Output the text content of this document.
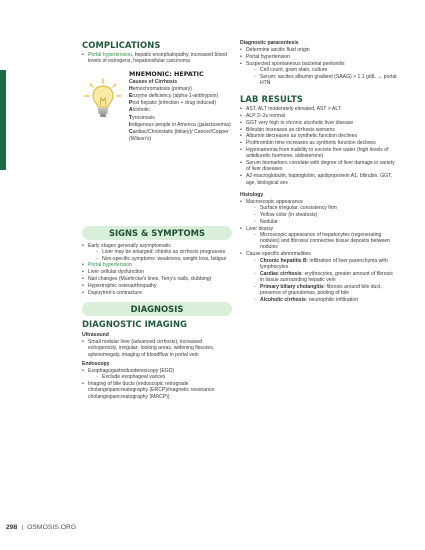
COMPLICATIONS
• Portal hypertension, hepatic encephalopathy, increased blood levels of estrogens, hepatocellular carcinoma
MNEMONIC: HEPATIC
Causes of Cirrhosis
Hemochromatosis (primary)
Enzyme deficiency (alpha-1-antitrypsin)
Post hepatic (infection + drug induced)
Alcoholic
Tyrosinosis
Indigenous people in America (galactosemia)
Cardiac/Cholestatic (biliary)/ Cancer/Copper (Wilson's)
SIGNS & SYMPTOMS
• Early stages generally asymptomatic
◦ Liver may be enlarged; shrinks as cirrhosis progresses
◦ Non-specific symptoms: weakness, weight loss, fatigue
• Portal hypertension
• Liver cellular dysfunction
• Nail changes (Muehrcke's lines, Terry's nails, clubbing)
• Hypertrophic osteoarthropathy
• Dupuytren's contracture
DIAGNOSIS
DIAGNOSTIC IMAGING
Ultrasound
• Small nodular liver (advanced cirrhosis), increased echogenicity, irregular- looking areas, widening fissures, splenomegaly, imaging of bloodflow in portal vein
Endoscopy
• Esophagogastroduodenoscopy (EGD)
◦ Exclude esophageal varices
• Imaging of bile ducts (endoscopic retrograde cholangiopancreatography (ERCP)/magnetic resonance cholangiopancreatography (MRCP))
Diagnostic paracentesis
• Determine ascitic fluid origin
• Portal hypertension
• Suspected spontaneous bacterial peritonitis
◦ Cell count, gram stain, culture
◦ Serum: ascites albumin gradient (SAAG) > 1.1 g/dL → portal HTN
LAB RESULTS
• AST, ALT moderately elevated, AST > ALT
• ALP 2–3x normal
• GGT very high in chronic alcoholic liver disease
• Bilirubin increases as cirrhosis worsens
• Albumin decreases as synthetic function declines
• Prothrombin time increases as synthetic function declines
• Hyponatremia from inability to excrete free water (high levels of antidiuretic hormone, aldosterone)
• Serum biomarkers correlate with degree of liver damage in variety of liver diseases
• A2-macroglobulin, haptoglobin, apolipoprotein A1, bilirubin, GGT, age, biological sex
Histology
• Macroscopic appearance
◦ Surface irregular, consistency firm
◦ Yellow color (in steatosis)
◦ Nodular
• Liver biopsy
◦ Microscopic appearance of hepatocytes (regenerating nodules) and fibrosis/ connective tissue deposits between nodules
• Cause specific abnormalities
◦ Chronic hepatitis B: infiltration of liver parenchyma with lymphocytes
◦ Cardiac cirrhosis: erythrocytes, greater amount of fibrosis in tissue surrounding hepatic vein
◦ Primary biliary cholangitis: fibrosis around bile duct, presence of granulomas, pooling of bile
◦ Alcoholic cirrhosis: neutrophilic infiltration
298 | OSMOSIS.ORG
